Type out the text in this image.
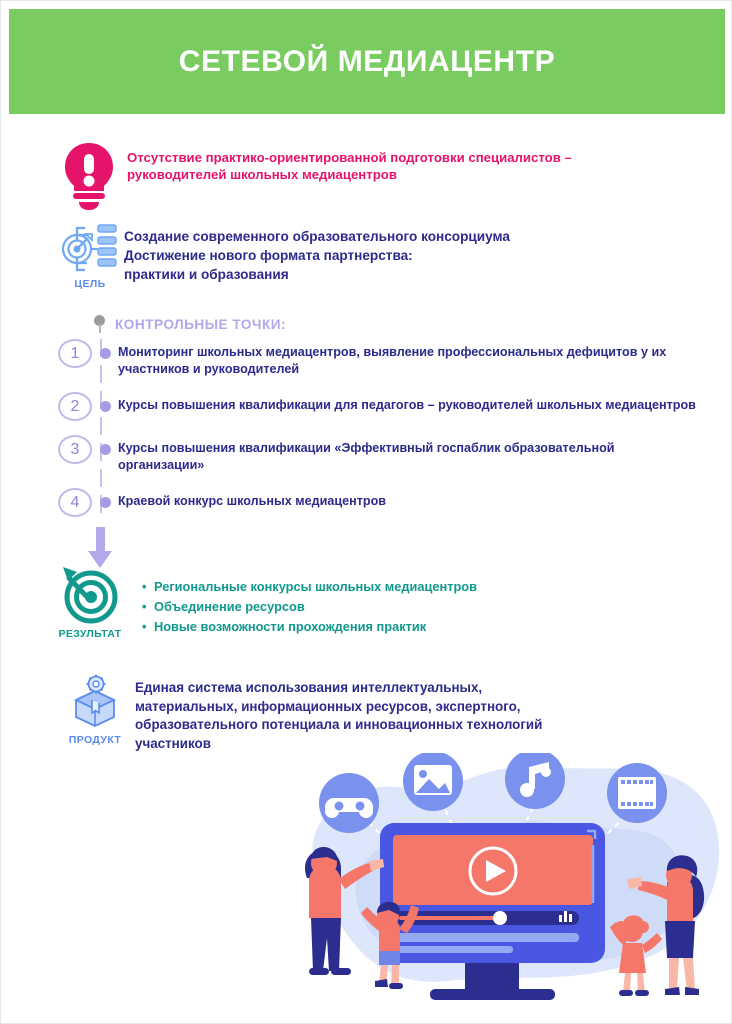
СЕТЕВОЙ МЕДИАЦЕНТР
Отсутствие практико-ориентированной подготовки специалистов –
руководителей школьных медиацентров
ЦЕЛЬ
Создание современного образовательного консорциума
Достижение нового формата партнерства:
практики и образования
КОНТРОЛЬНЫЕ ТОЧКИ:
1	Мониторинг школьных медиацентров, выявление профессиональных дефицитов у их участников и руководителей
2	Курсы повышения квалификации для педагогов – руководителей школьных медиацентров
3	Курсы повышения квалификации «Эффективный госпаблик образовательной организации»
4	Краевой конкурс школьных медиацентров
РЕЗУЛЬТАТ
• Региональные конкурсы школьных медиацентров
• Объединение ресурсов
• Новые возможности прохождения практик
ПРОДУКТ
Единая система использования интеллектуальных,
материальных, информационных ресурсов, экспертного,
образовательного потенциала и инновационных технологий
участников
